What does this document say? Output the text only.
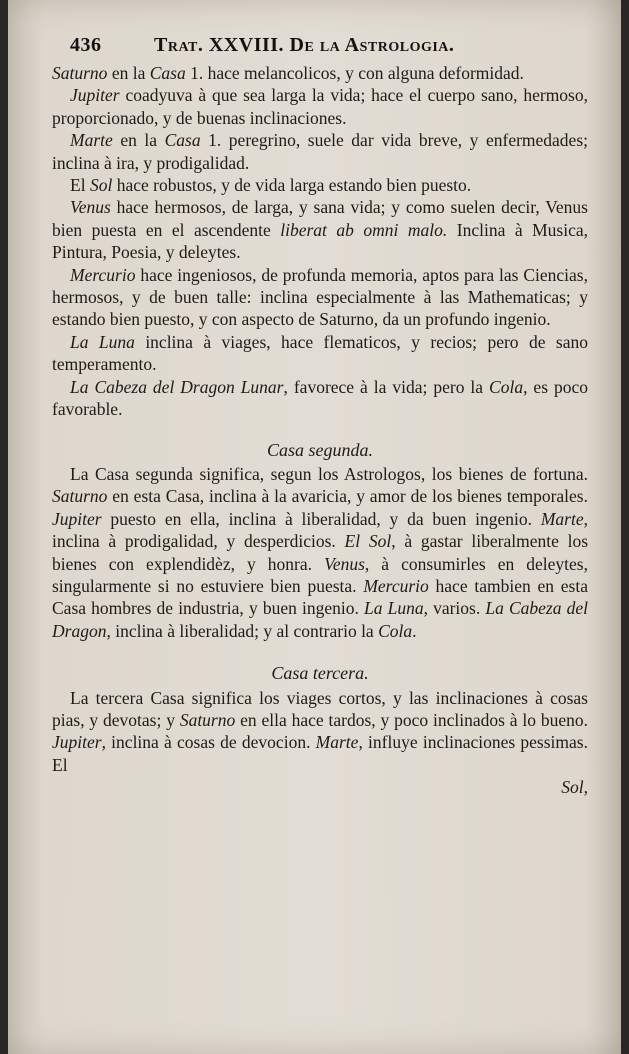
436	Trat. XXVIII. De la Astrologia.

Saturno en la Casa 1. hace melancolicos, y con alguna deformidad.

Jupiter coadyuva à que sea larga la vida; hace el cuerpo sano, hermoso, proporcionado, y de buenas inclinaciones.

Marte en la Casa 1. peregrino, suele dar vida breve, y enfermedades; inclina à ira, y prodigalidad.

El Sol hace robustos, y de vida larga estando bien puesto.

Venus hace hermosos, de larga, y sana vida; y como suelen decir, Venus bien puesta en el ascendente liberat ab omni malo. Inclina à Musica, Pintura, Poesia, y deleytes.

Mercurio hace ingeniosos, de profunda memoria, aptos para las Ciencias, hermosos, y de buen talle: inclina especialmente à las Mathematicas; y estando bien puesto, y con aspecto de Saturno, da un profundo ingenio.

La Luna inclina à viages, hace flematicos, y recios; pero de sano temperamento.

La Cabeza del Dragon Lunar, favorece à la vida; pero la Cola, es poco favorable.

Casa segunda.

La Casa segunda significa, segun los Astrologos, los bienes de fortuna. Saturno en esta Casa, inclina à la avaricia, y amor de los bienes temporales. Jupiter puesto en ella, inclina à liberalidad, y da buen ingenio. Marte, inclina à prodigalidad, y desperdicios. El Sol, à gastar liberalmente los bienes con explendidèz, y honra. Venus, à consumirles en deleytes, singularmente si no estuviere bien puesta. Mercurio hace tambien en esta Casa hombres de industria, y buen ingenio. La Luna, varios. La Cabeza del Dragon, inclina à liberalidad; y al contrario la Cola.

Casa tercera.

La tercera Casa significa los viages cortos, y las inclinaciones à cosas pias, y devotas; y Saturno en ella hace tardos, y poco inclinados à lo bueno. Jupiter, inclina à cosas de devocion. Marte, influye inclinaciones pessimas. El

Sol,
